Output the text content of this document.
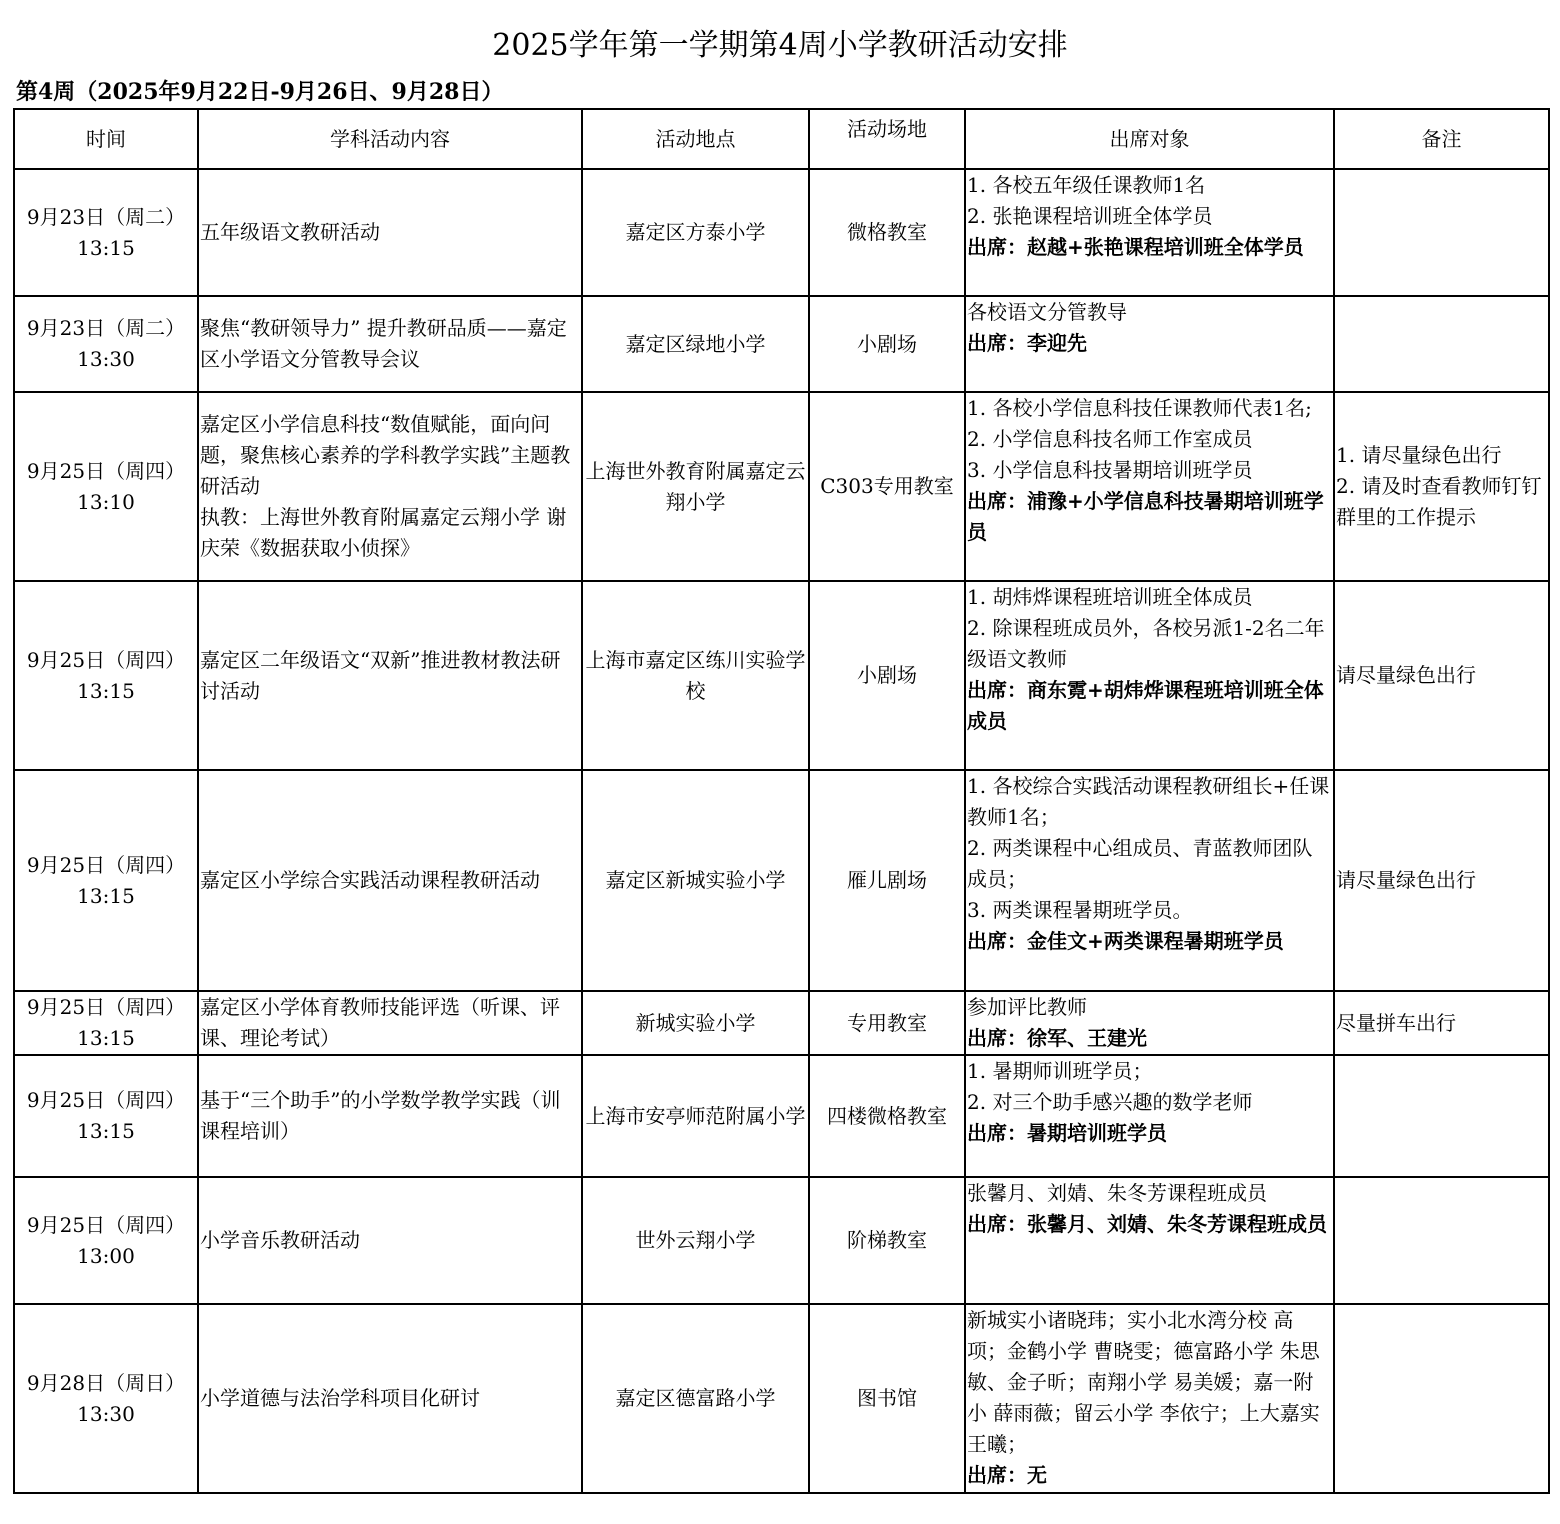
2025学年第一学期第4周小学教研活动安排
第4周（2025年9月22日-9月26日、9月28日）
时间	学科活动内容	活动地点	活动场地	出席对象	备注

9月23日（周二）
13:15	五年级语文教研活动	嘉定区方泰小学	微格教室	1. 各校五年级任课教师1名
2. 张艳课程培训班全体学员
出席：赵越+张艳课程培训班全体学员	

9月23日（周二）
13:30	聚焦“教研领导力” 提升教研品质——嘉定区小学语文分管教导会议	嘉定区绿地小学	小剧场	各校语文分管教导
出席：李迎先	

9月25日（周四）
13:10	嘉定区小学信息科技“数值赋能，面向问题，聚焦核心素养的学科教学实践”主题教研活动
执教：上海世外教育附属嘉定云翔小学 谢庆荣《数据获取小侦探》	上海世外教育附属嘉定云翔小学	C303专用教室	1. 各校小学信息科技任课教师代表1名;
2. 小学信息科技名师工作室成员
3. 小学信息科技暑期培训班学员
出席：浦豫+小学信息科技暑期培训班学员	1. 请尽量绿色出行
2. 请及时查看教师钉钉群里的工作提示

9月25日（周四）
13:15	嘉定区二年级语文“双新”推进教材教法研讨活动	上海市嘉定区练川实验学校	小剧场	1. 胡炜烨课程班培训班全体成员
2. 除课程班成员外，各校另派1-2名二年级语文教师
出席：商东霓+胡炜烨课程班培训班全体成员	请尽量绿色出行

9月25日（周四）
13:15	嘉定区小学综合实践活动课程教研活动	嘉定区新城实验小学	雁儿剧场	1. 各校综合实践活动课程教研组长+任课教师1名；
2. 两类课程中心组成员、青蓝教师团队成员；
3. 两类课程暑期班学员。
出席：金佳文+两类课程暑期班学员	请尽量绿色出行

9月25日（周四）
13:15	嘉定区小学体育教师技能评选（听课、评课、理论考试）	新城实验小学	专用教室	参加评比教师
出席：徐军、王建光	尽量拼车出行

9月25日（周四）
13:15	基于“三个助手”的小学数学教学实践（训课程培训）	上海市安亭师范附属小学	四楼微格教室	1. 暑期师训班学员；
2. 对三个助手感兴趣的数学老师
出席：暑期培训班学员	

9月25日（周四）
13:00	小学音乐教研活动	世外云翔小学	阶梯教室	张馨月、刘婧、朱冬芳课程班成员
出席：张馨月、刘婧、朱冬芳课程班成员	

9月28日（周日）
13:30	小学道德与法治学科项目化研讨	嘉定区德富路小学	图书馆	新城实小诸晓玮；实小北水湾分校 高项；金鹤小学 曹晓雯；德富路小学 朱思敏、金子昕；南翔小学 易美媛；嘉一附小 薛雨薇；留云小学 李依宁；上大嘉实 王曦；
出席：无	
